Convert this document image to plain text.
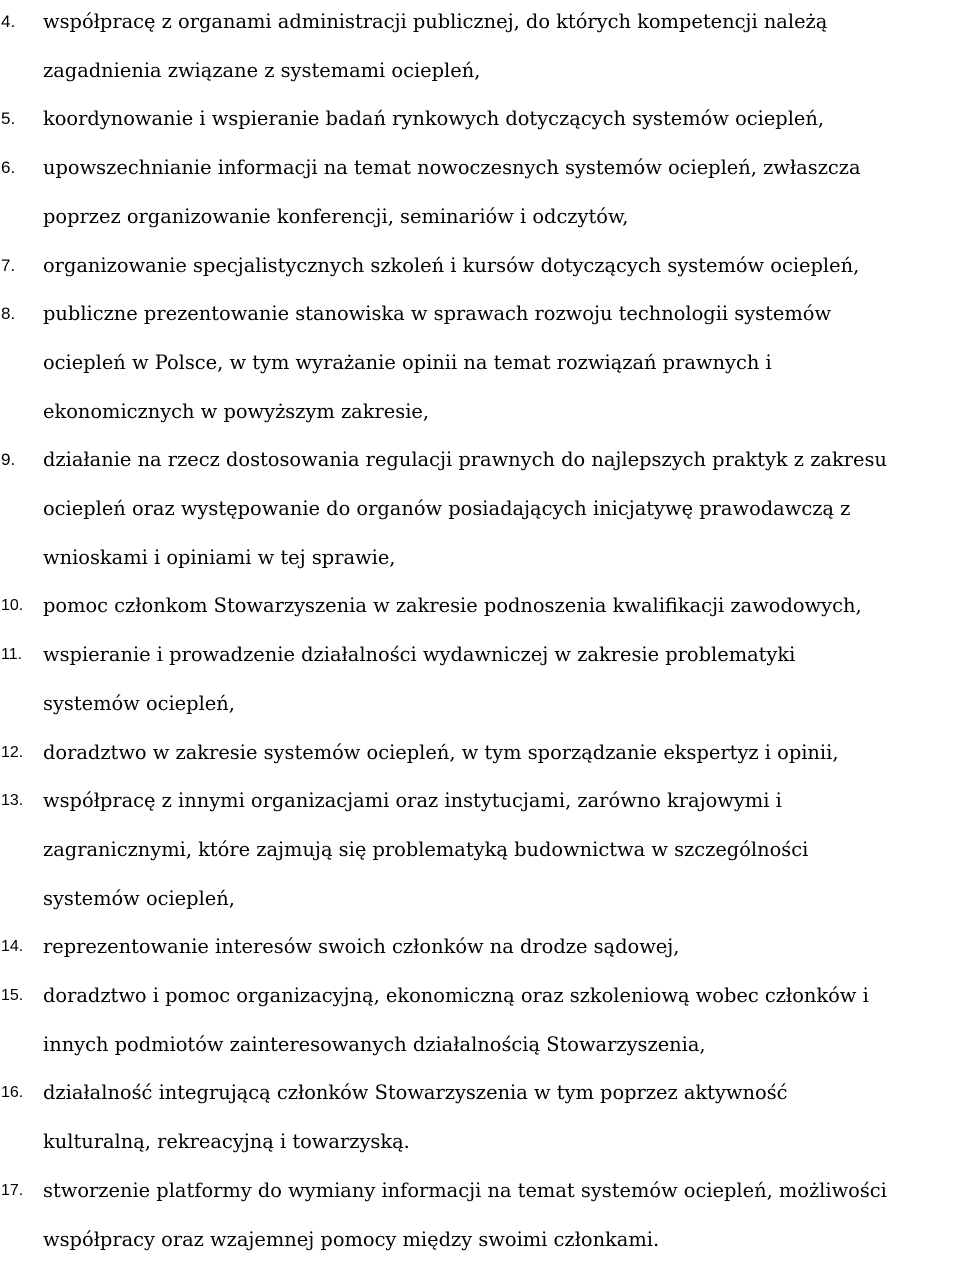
4.	współpracę z organami administracji publicznej, do których kompetencji należą
zagadnienia związane z systemami ociepleń,
5.	koordynowanie i wspieranie badań rynkowych dotyczących systemów ociepleń,
6.	upowszechnianie informacji na temat nowoczesnych systemów ociepleń, zwłaszcza
poprzez organizowanie konferencji, seminariów i odczytów,
7.	organizowanie specjalistycznych szkoleń i kursów dotyczących systemów ociepleń,
8.	publiczne prezentowanie stanowiska w sprawach rozwoju technologii systemów
ociepleń w Polsce, w tym wyrażanie opinii na temat rozwiązań prawnych i
ekonomicznych w powyższym zakresie,
9.	działanie na rzecz dostosowania regulacji prawnych do najlepszych praktyk z zakresu
ociepleń oraz występowanie do organów posiadających inicjatywę prawodawczą z
wnioskami i opiniami w tej sprawie,
10.	pomoc członkom Stowarzyszenia w zakresie podnoszenia kwalifikacji zawodowych,
11.	wspieranie i prowadzenie działalności wydawniczej w zakresie problematyki
systemów ociepleń,
12.	doradztwo w zakresie systemów ociepleń, w tym sporządzanie ekspertyz i opinii,
13.	współpracę z innymi organizacjami oraz instytucjami, zarówno krajowymi i
zagranicznymi, które zajmują się problematyką budownictwa w szczególności
systemów ociepleń,
14.	reprezentowanie interesów swoich członków na drodze sądowej,
15.	doradztwo i pomoc organizacyjną, ekonomiczną oraz szkoleniową wobec członków i
innych podmiotów zainteresowanych działalnością Stowarzyszenia,
16.	działalność integrującą członków Stowarzyszenia w tym poprzez aktywność
kulturalną, rekreacyjną i towarzyską.
17.	stworzenie platformy do wymiany informacji na temat systemów ociepleń, możliwości
współpracy oraz wzajemnej pomocy między swoimi członkami.
